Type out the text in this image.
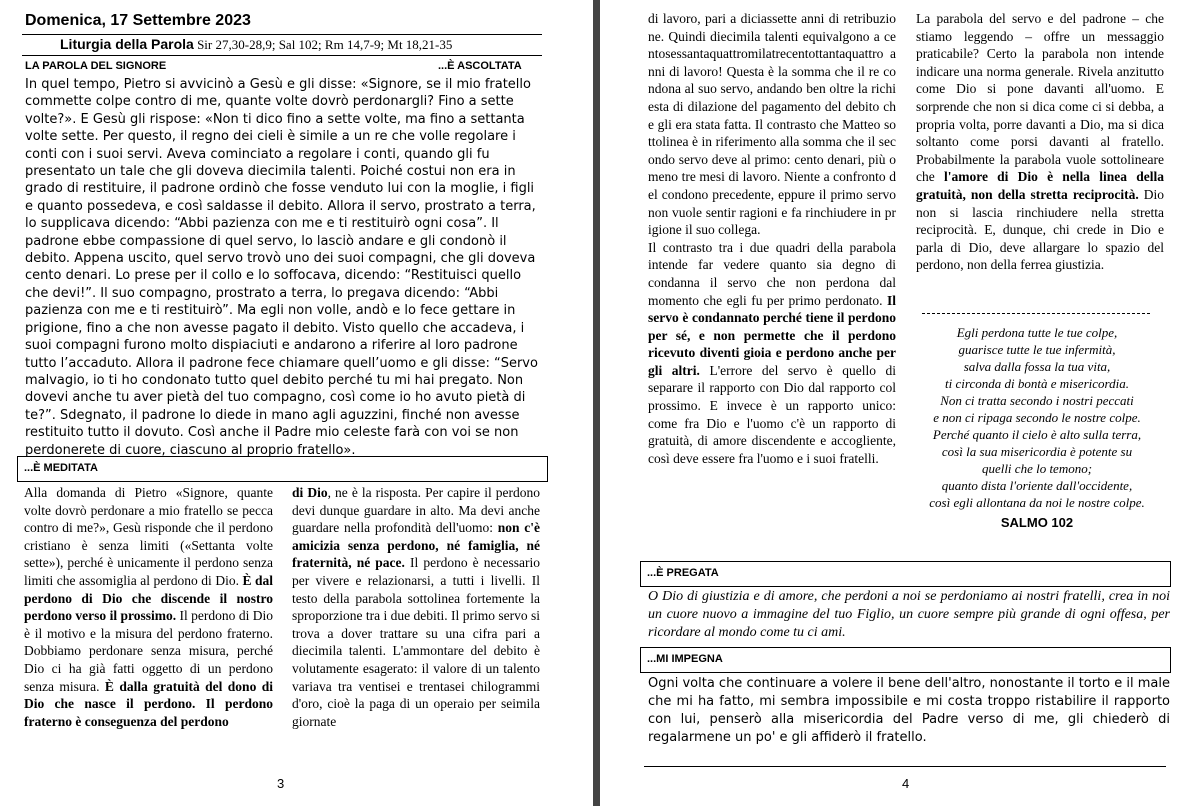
Domenica, 17 Settembre 2023
Liturgia della Parola Sir 27,30-28,9; Sal 102; Rm 14,7-9; Mt 18,21-35
LA PAROLA DEL SIGNORE	...È ASCOLTATA

In quel tempo, Pietro si avvicinò a Gesù e gli disse: «Signore, se il mio fratello commette colpe contro di me, quante volte dovrò perdonargli? Fino a sette volte?». E Gesù gli rispose: «Non ti dico fino a sette volte, ma fino a settanta volte sette. Per questo, il regno dei cieli è simile a un re che volle regolare i conti con i suoi servi. Aveva cominciato a regolare i conti, quando gli fu presentato un tale che gli doveva diecimila talenti. Poiché costui non era in grado di restituire, il padrone ordinò che fosse venduto lui con la moglie, i figli e quanto possedeva, e così saldasse il debito. Allora il servo, prostrato a terra, lo supplicava dicendo: “Abbi pazienza con me e ti restituirò ogni cosa”. Il padrone ebbe compassione di quel servo, lo lasciò andare e gli condonò il debito. Appena uscito, quel servo trovò uno dei suoi compagni, che gli doveva cento denari. Lo prese per il collo e lo soffocava, dicendo: “Restituisci quello che devi!”. Il suo compagno, prostrato a terra, lo pregava dicendo: “Abbi pazienza con me e ti restituirò”. Ma egli non volle, andò e lo fece gettare in prigione, fino a che non avesse pagato il debito. Visto quello che accadeva, i suoi compagni furono molto dispiaciuti e andarono a riferire al loro padrone tutto l’accaduto. Allora il padrone fece chiamare quell’uomo e gli disse: “Servo malvagio, io ti ho condonato tutto quel debito perché tu mi hai pregato. Non dovevi anche tu aver pietà del tuo compagno, così come io ho avuto pietà di te?”. Sdegnato, il padrone lo diede in mano agli aguzzini, finché non avesse restituito tutto il dovuto. Così anche il Padre mio celeste farà con voi se non perdonerete di cuore, ciascuno al proprio fratello».

...È MEDITATA

Alla domanda di Pietro «Signore, quante volte dovrò perdonare a mio fratello se pecca contro di me?», Gesù risponde che il perdono cristiano è senza limiti («Settanta volte sette»), perché è unicamente il perdono senza limiti che assomiglia al perdono di Dio. È dal perdono di Dio che discende il nostro perdono verso il prossimo. Il perdono di Dio è il motivo e la misura del perdono fraterno. Dobbiamo perdonare senza misura, perché Dio ci ha già fatti oggetto di un perdono senza misura. È dalla gratuità del dono di Dio che nasce il perdono. Il perdono fraterno è conseguenza del perdono

di Dio, ne è la risposta. Per capire il perdono devi dunque guardare in alto. Ma devi anche guardare nella profondità dell'uomo: non c'è amicizia senza perdono, né famiglia, né fraternità, né pace. Il perdono è necessario per vivere e relazionarsi, a tutti i livelli. Il testo della parabola sottolinea fortemente la sproporzione tra i due debiti. Il primo servo si trova a dover trattare su una cifra pari a diecimila talenti. L'ammontare del debito è volutamente esagerato: il valore di un talento variava tra ventisei e trentasei chilogrammi d'oro, cioè la paga di un operaio per seimila giornate

3

di lavoro, pari a diciassette anni di retribuzione. Quindi diecimila talenti equivalgono a centosessantaquattromilatrecentottantaquattro anni di lavoro! Questa è la somma che il re condona al suo servo, andando ben oltre la richiesta di dilazione del pagamento del debito che gli era stata fatta. Il contrasto che Matteo sottolinea è in riferimento alla somma che il secondo servo deve al primo: cento denari, più o meno tre mesi di lavoro. Niente a confronto del condono precedente, eppure il primo servo non vuole sentir ragioni e fa rinchiudere in prigione il suo collega.

Il contrasto tra i due quadri della parabola intende far vedere quanto sia degno di condanna il servo che non perdona dal momento che egli fu per primo perdonato. Il servo è condannato perché tiene il perdono per sé, e non permette che il perdono ricevuto diventi gioia e perdono anche per gli altri. L'errore del servo è quello di separare il rapporto con Dio dal rapporto col prossimo. E invece è un rapporto unico: come fra Dio e l'uomo c'è un rapporto di gratuità, di amore discendente e accogliente, così deve essere fra l'uomo e i suoi fratelli.

La parabola del servo e del padrone – che stiamo leggendo – offre un messaggio praticabile? Certo la parabola non intende indicare una norma generale. Rivela anzitutto come Dio si pone davanti all'uomo. E sorprende che non si dica come ci si debba, a propria volta, porre davanti a Dio, ma si dica soltanto come porsi davanti al fratello. Probabilmente la parabola vuole sottolineare che l'amore di Dio è nella linea della gratuità, non della stretta reciprocità. Dio non si lascia rinchiudere nella stretta reciprocità. E, dunque, chi crede in Dio e parla di Dio, deve allargare lo spazio del perdono, non della ferrea giustizia.

Egli perdona tutte le tue colpe,
guarisce tutte le tue infermità,
salva dalla fossa la tua vita,
ti circonda di bontà e misericordia.
Non ci tratta secondo i nostri peccati
e non ci ripaga secondo le nostre colpe.
Perché quanto il cielo è alto sulla terra,
così la sua misericordia è potente su
quelli che lo temono;
quanto dista l'oriente dall'occidente,
così egli allontana da noi le nostre colpe.
SALMO 102
...È PREGATA
O Dio di giustizia e di amore, che perdoni a noi se perdoniamo ai nostri fratelli, crea in noi un cuore nuovo a immagine del tuo Figlio, un cuore sempre più grande di ogni offesa, per ricordare al mondo come tu ci ami.
...MI IMPEGNA
Ogni volta che continuare a volere il bene dell'altro, nonostante il torto e il male che mi ha fatto, mi sembra impossibile e mi costa troppo ristabilire il rapporto con lui, penserò alla misericordia del Padre verso di me, gli chiederò di regalarmene un po' e gli affiderò il fratello.
4
